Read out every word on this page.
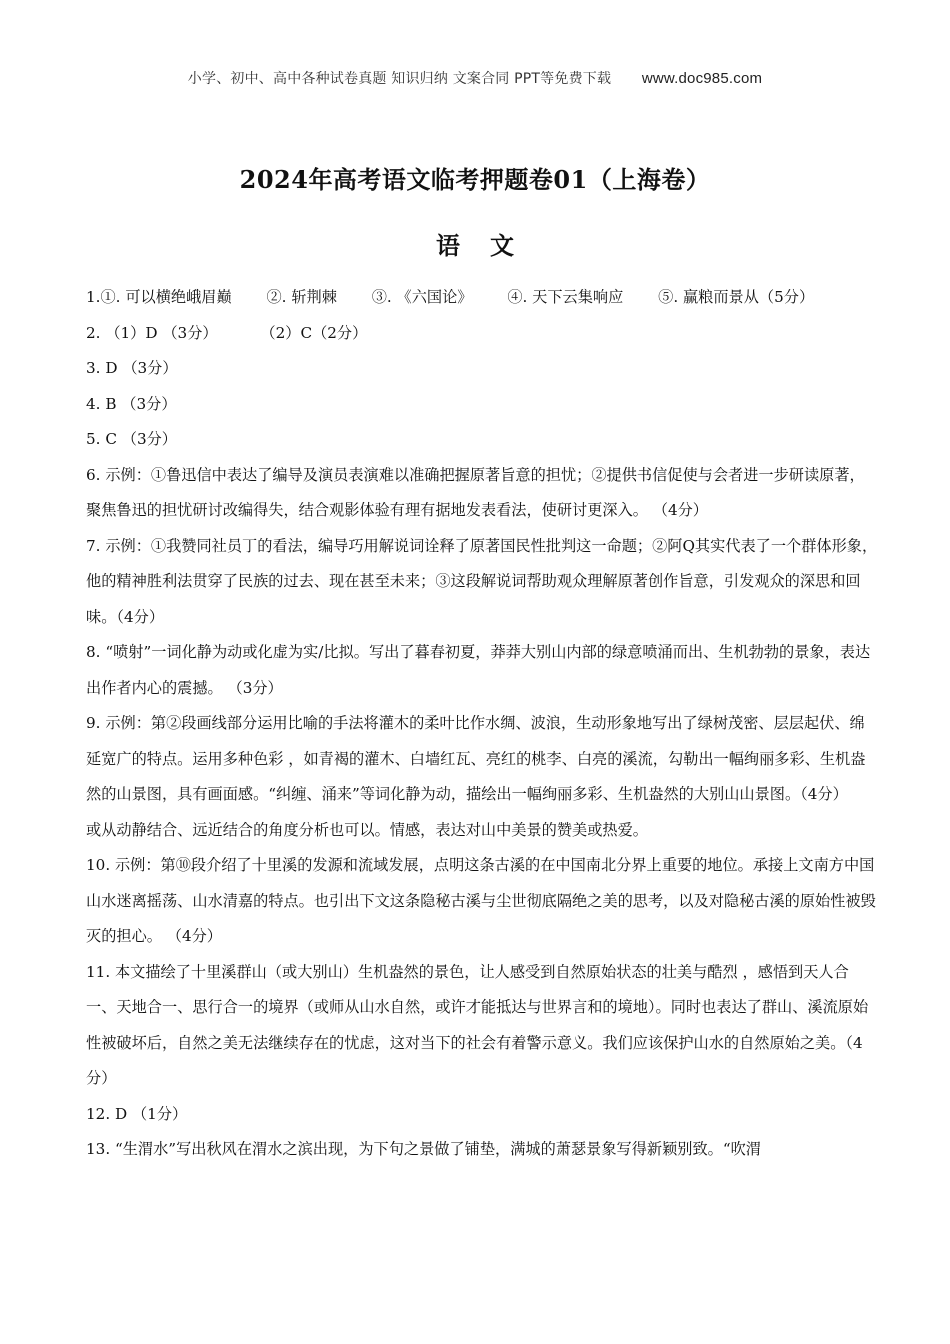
小学、初中、高中各种试卷真题 知识归纳 文案合同 PPT等免费下载 www.doc985.com
2024年高考语文临考押题卷01（上海卷）
语文

1.①. 可以横绝峨眉巅 ②. 斩荆棘 ③. 《六国论》 ④. 天下云集响应 ⑤. 赢粮而景从（5分）

2. （1）D （3分）	（2）C（2分）

3. D （3分）

4. B （3分）

5. C （3分）

6. 示例：①鲁迅信中表达了编导及演员表演难以准确把握原著旨意的担忧；②提供书信促使与会者进一步研读原著，聚焦鲁迅的担忧研讨改编得失，结合观影体验有理有据地发表看法，使研讨更深入。 （4分）

7. 示例：①我赞同社员丁的看法，编导巧用解说词诠释了原著国民性批判这一命题；②阿Q其实代表了一个群体形象，他的精神胜利法贯穿了民族的过去、现在甚至未来；③这段解说词帮助观众理解原著创作旨意，引发观众的深思和回味。（4分）

8. “喷射”一词化静为动或化虚为实/比拟。写出了暮春初夏，莽莽大别山内部的绿意喷涌而出、生机勃勃的景象，表达出作者内心的震撼。 （3分）

9. 示例：第②段画线部分运用比喻的手法将灌木的柔叶比作水绸、波浪，生动形象地写出了绿树茂密、层层起伏、绵延宽广的特点。运用多种色彩 ，如青褐的灌木、白墙红瓦、亮红的桃李、白亮的溪流，勾勒出一幅绚丽多彩、生机盎然的山景图，具有画面感。“纠缠、涌来”等词化静为动，描绘出一幅绚丽多彩、生机盎然的大别山山景图。（4分）

或从动静结合、远近结合的角度分析也可以。情感，表达对山中美景的赞美或热爱。

10. 示例：第⑩段介绍了十里溪的发源和流域发展，点明这条古溪的在中国南北分界上重要的地位。承接上文南方中国山水迷离摇荡、山水清嘉的特点。也引出下文这条隐秘古溪与尘世彻底隔绝之美的思考，以及对隐秘古溪的原始性被毁灭的担心。 （4分）

11. 本文描绘了十里溪群山（或大别山）生机盎然的景色，让人感受到自然原始状态的壮美与酷烈 ，感悟到天人合一、天地合一、思行合一的境界（或师从山水自然，或许才能抵达与世界言和的境地）。同时也表达了群山、溪流原始性被破坏后，自然之美无法继续存在的忧虑，这对当下的社会有着警示意义。我们应该保护山水的自然原始之美。（4分）

12. D （1分）

13. “生渭水”写出秋风在渭水之滨出现，为下句之景做了铺垫，满城的萧瑟景象写得新颖别致。“吹渭
